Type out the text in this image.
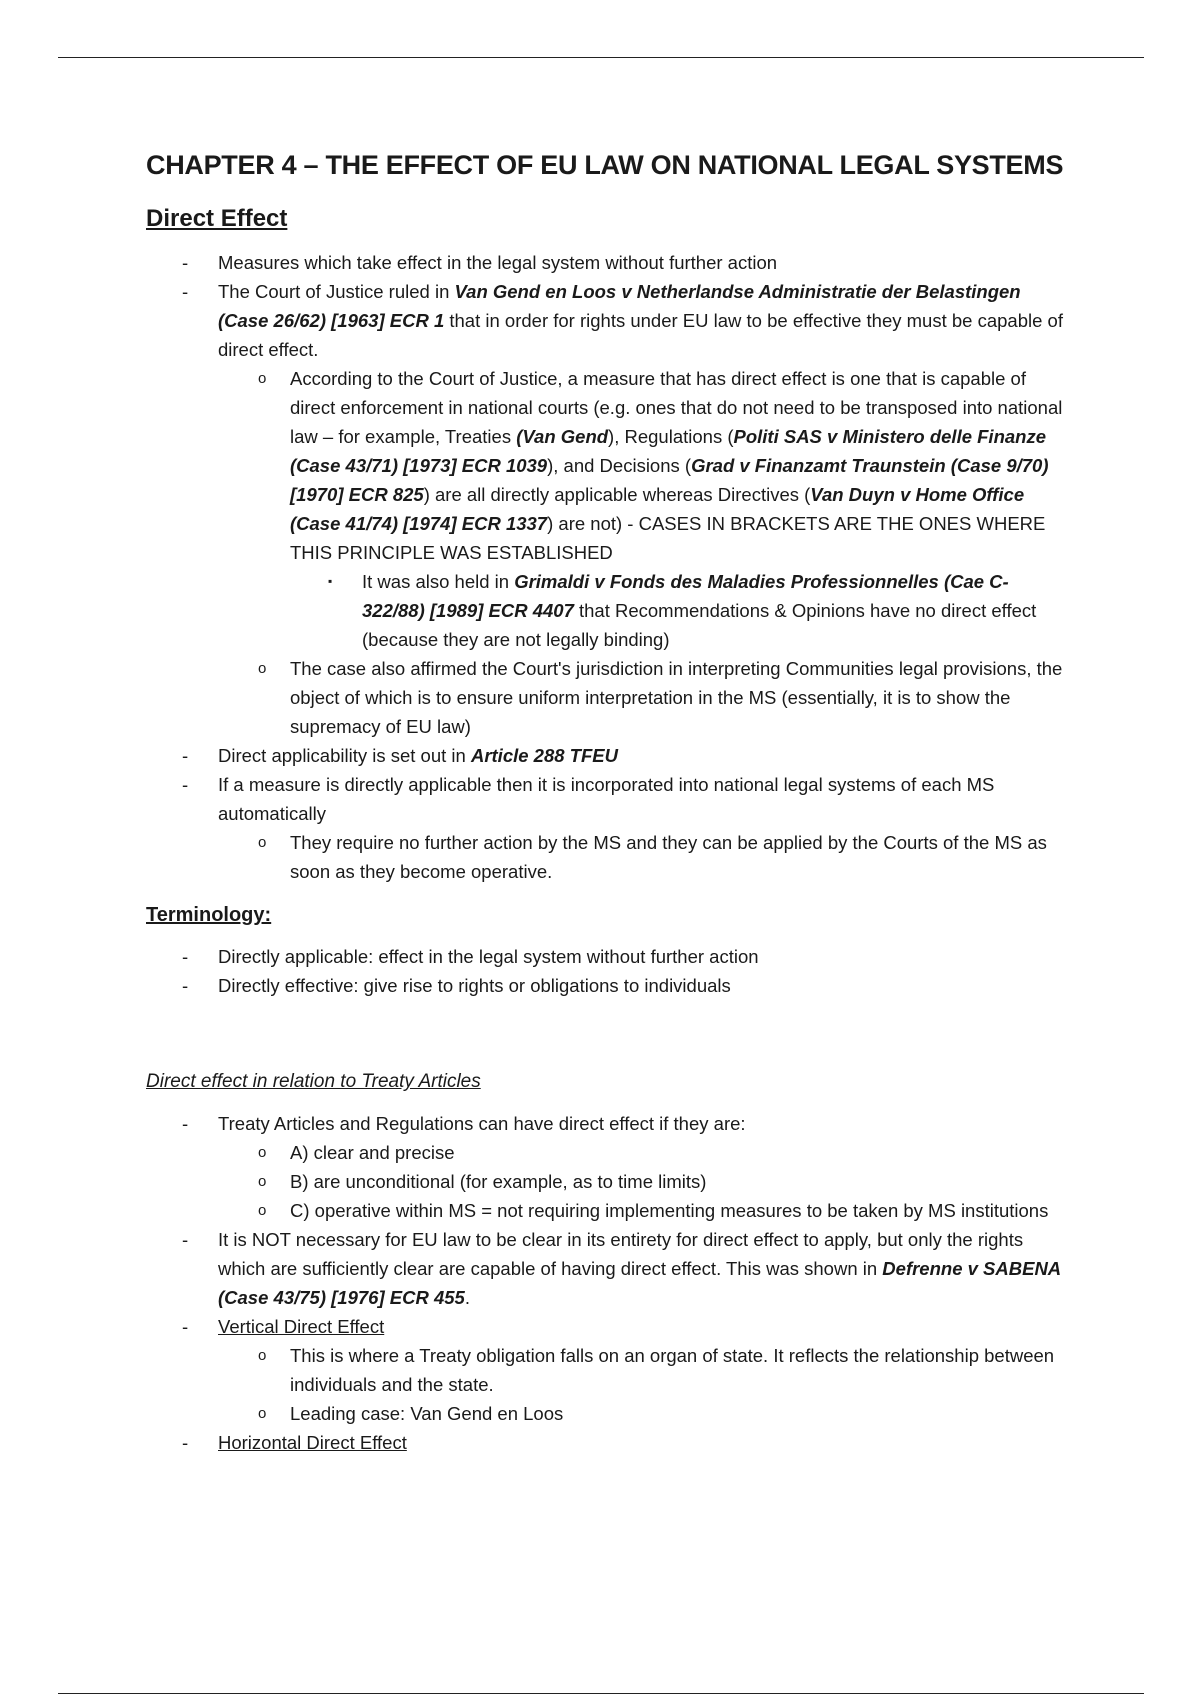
CHAPTER 4 – THE EFFECT OF EU LAW ON NATIONAL LEGAL SYSTEMS
Direct Effect
- Measures which take effect in the legal system without further action
- The Court of Justice ruled in Van Gend en Loos v Netherlandse Administratie der Belastingen (Case 26/62) [1963] ECR 1 that in order for rights under EU law to be effective they must be capable of direct effect.
o According to the Court of Justice, a measure that has direct effect is one that is capable of direct enforcement in national courts (e.g. ones that do not need to be transposed into national law – for example, Treaties (Van Gend), Regulations (Politi SAS v Ministero delle Finanze (Case 43/71) [1973] ECR 1039), and Decisions (Grad v Finanzamt Traunstein (Case 9/70) [1970] ECR 825) are all directly applicable whereas Directives (Van Duyn v Home Office (Case 41/74) [1974] ECR 1337) are not) - CASES IN BRACKETS ARE THE ONES WHERE THIS PRINCIPLE WAS ESTABLISHED
▪ It was also held in Grimaldi v Fonds des Maladies Professionnelles (Cae C-322/88) [1989] ECR 4407 that Recommendations & Opinions have no direct effect (because they are not legally binding)
o The case also affirmed the Court's jurisdiction in interpreting Communities legal provisions, the object of which is to ensure uniform interpretation in the MS (essentially, it is to show the supremacy of EU law)
- Direct applicability is set out in Article 288 TFEU
- If a measure is directly applicable then it is incorporated into national legal systems of each MS automatically
o They require no further action by the MS and they can be applied by the Courts of the MS as soon as they become operative.
Terminology:
- Directly applicable: effect in the legal system without further action
- Directly effective: give rise to rights or obligations to individuals
Direct effect in relation to Treaty Articles
- Treaty Articles and Regulations can have direct effect if they are:
o A) clear and precise
o B) are unconditional (for example, as to time limits)
o C) operative within MS = not requiring implementing measures to be taken by MS institutions
- It is NOT necessary for EU law to be clear in its entirety for direct effect to apply, but only the rights which are sufficiently clear are capable of having direct effect. This was shown in Defrenne v SABENA (Case 43/75) [1976] ECR 455.
- Vertical Direct Effect
o This is where a Treaty obligation falls on an organ of state. It reflects the relationship between individuals and the state.
o Leading case: Van Gend en Loos
- Horizontal Direct Effect
